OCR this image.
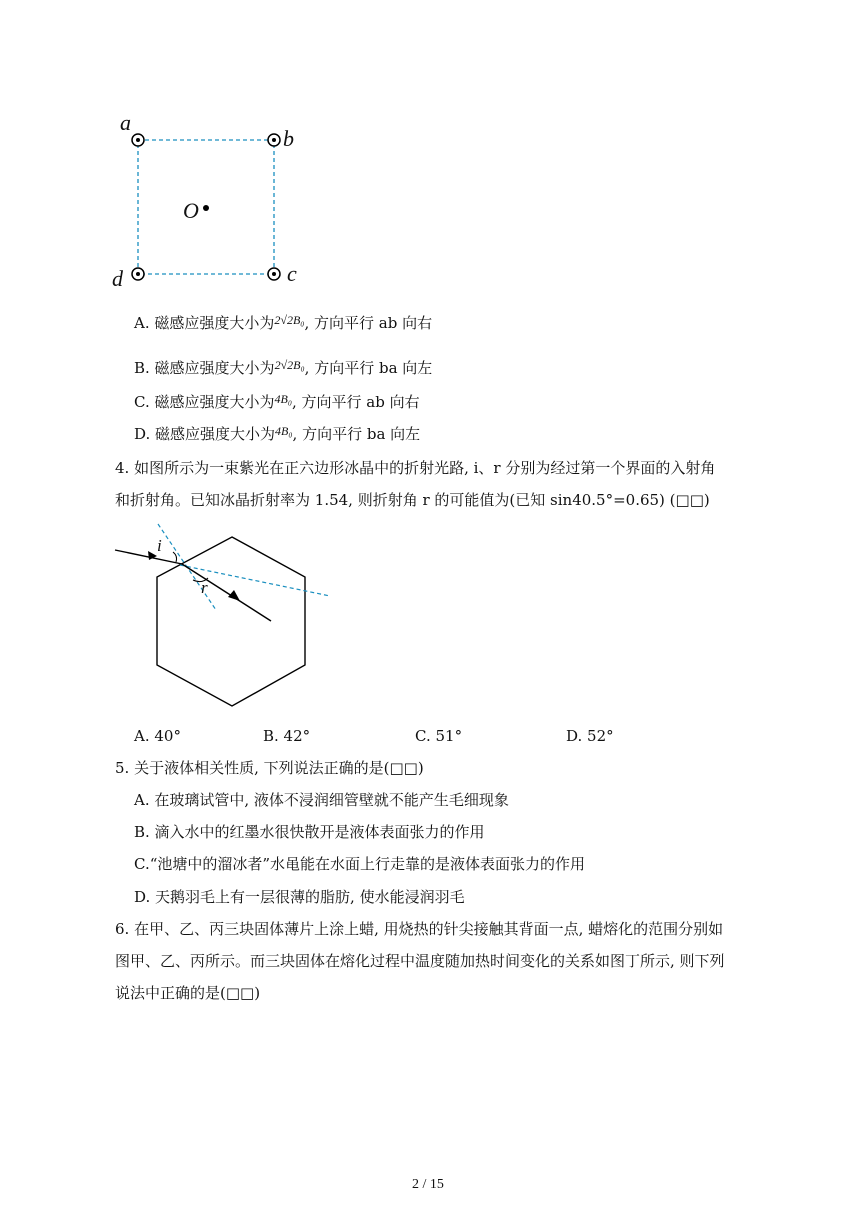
a
b
c
d
O
A. 磁感应强度大小为$^{2√2B_0}$, 方向平行 ab 向右
B. 磁感应强度大小为$^{2√2B_0}$, 方向平行 ba 向左
C. 磁感应强度大小为$^{4B_0}$, 方向平行 ab 向右
D. 磁感应强度大小为$^{4B_0}$, 方向平行 ba 向左
4. 如图所示为一束紫光在正六边形冰晶中的折射光路, i、r 分别为经过第一个界面的入射角
和折射角。已知冰晶折射率为 1.54, 则折射角 r 的可能值为(已知 sin40.5°=0.65) (□□)
i
r
A. 40°	B. 42°	C. 51°	D. 52°
5. 关于液体相关性质, 下列说法正确的是(□□)
A. 在玻璃试管中, 液体不浸润细管壁就不能产生毛细现象
B. 滴入水中的红墨水很快散开是液体表面张力的作用
C.“池塘中的溜冰者”水黾能在水面上行走靠的是液体表面张力的作用
D. 天鹅羽毛上有一层很薄的脂肪, 使水能浸润羽毛
6. 在甲、乙、丙三块固体薄片上涂上蜡, 用烧热的针尖接触其背面一点, 蜡熔化的范围分别如
图甲、乙、丙所示。而三块固体在熔化过程中温度随加热时间变化的关系如图丁所示, 则下列
说法中正确的是(□□)
2 / 15
